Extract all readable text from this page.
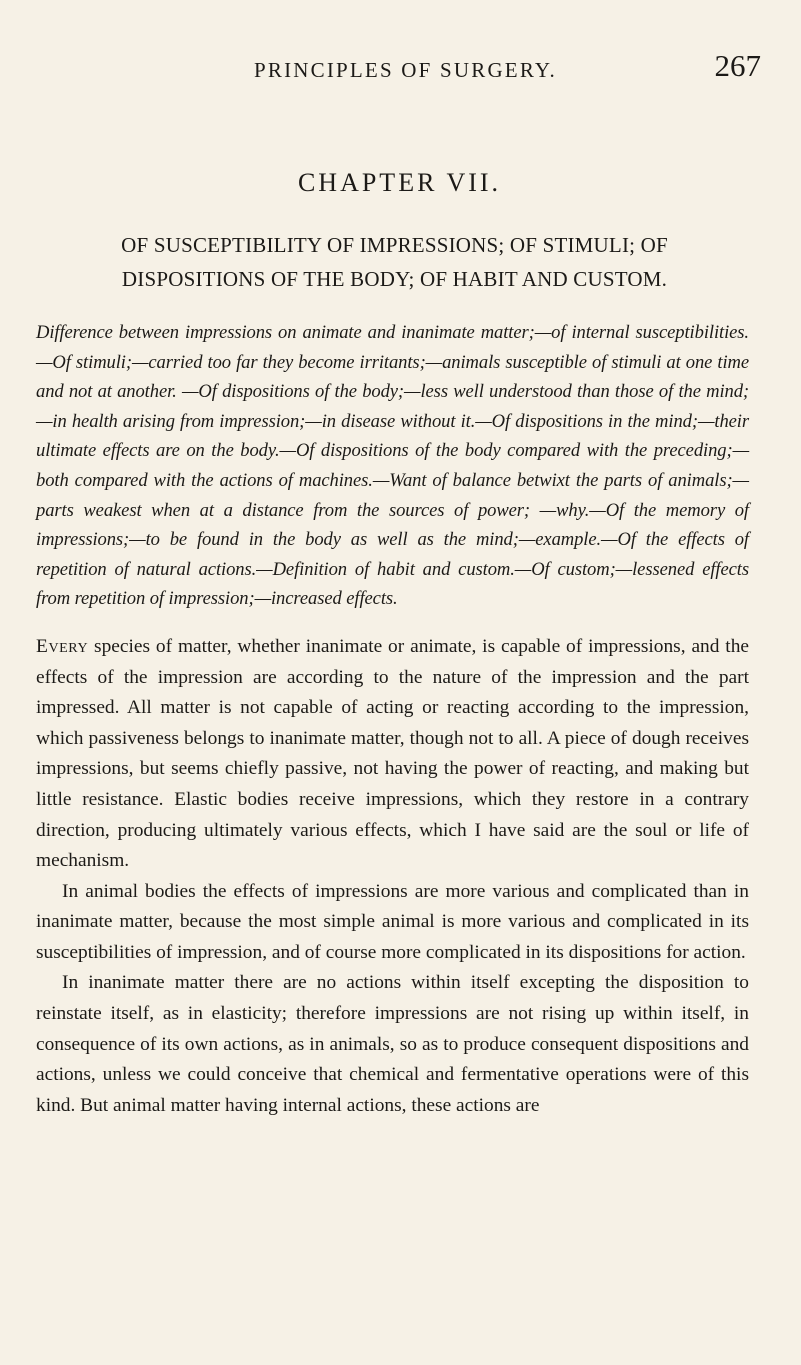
PRINCIPLES OF SURGERY.	267
CHAPTER VII.
OF SUSCEPTIBILITY OF IMPRESSIONS; OF STIMULI; OF
DISPOSITIONS OF THE BODY; OF HABIT AND CUSTOM.
Difference between impressions on animate and inanimate matter;—of internal susceptibilities.—Of stimuli;—carried too far they become irritants;—animals susceptible of stimuli at one time and not at another. —Of dispositions of the body;—less well understood than those of the mind;—in health arising from impression;—in disease without it.—Of dispositions in the mind;—their ultimate effects are on the body.—Of dispositions of the body compared with the preceding;—both compared with the actions of machines.—Want of balance betwixt the parts of animals;—parts weakest when at a distance from the sources of power; —why.—Of the memory of impressions;—to be found in the body as well as the mind;—example.—Of the effects of repetition of natural actions.—Definition of habit and custom.—Of custom;—lessened effects from repetition of impression;—increased effects.

Every species of matter, whether inanimate or animate, is capable of impressions, and the effects of the impression are according to the nature of the impression and the part impressed. All matter is not capable of acting or reacting according to the impression, which passiveness belongs to inanimate matter, though not to all. A piece of dough receives impressions, but seems chiefly passive, not having the power of reacting, and making but little resistance. Elastic bodies receive impressions, which they restore in a contrary direction, producing ultimately various effects, which I have said are the soul or life of mechanism.

In animal bodies the effects of impressions are more various and complicated than in inanimate matter, because the most simple animal is more various and complicated in its susceptibilities of impression, and of course more complicated in its dispositions for action.

In inanimate matter there are no actions within itself excepting the disposition to reinstate itself, as in elasticity; therefore impressions are not rising up within itself, in consequence of its own actions, as in animals, so as to produce consequent dispositions and actions, unless we could conceive that chemical and fermentative operations were of this kind. But animal matter having internal actions, these actions are
